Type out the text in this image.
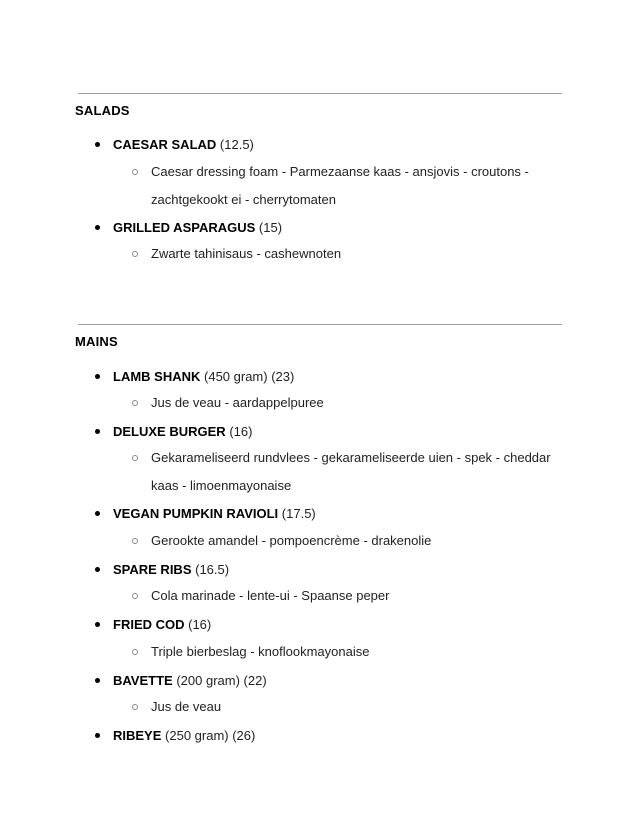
SALADS
CAESAR SALAD (12.5)
Caesar dressing foam - Parmezaanse kaas - ansjovis - croutons -
zachtgekookt ei - cherrytomaten
GRILLED ASPARAGUS (15)
Zwarte tahinisaus - cashewnoten
MAINS
LAMB SHANK (450 gram) (23)
Jus de veau - aardappelpuree
DELUXE BURGER (16)
Gekarameliseerd rundvlees - gekarameliseerde uien - spek - cheddar
kaas - limoenmayonaise
VEGAN PUMPKIN RAVIOLI (17.5)
Gerookte amandel - pompoencrème - drakenolie
SPARE RIBS (16.5)
Cola marinade - lente-ui - Spaanse peper
FRIED COD (16)
Triple bierbeslag - knoflookmayonaise
BAVETTE (200 gram) (22)
Jus de veau
RIBEYE (250 gram) (26)
